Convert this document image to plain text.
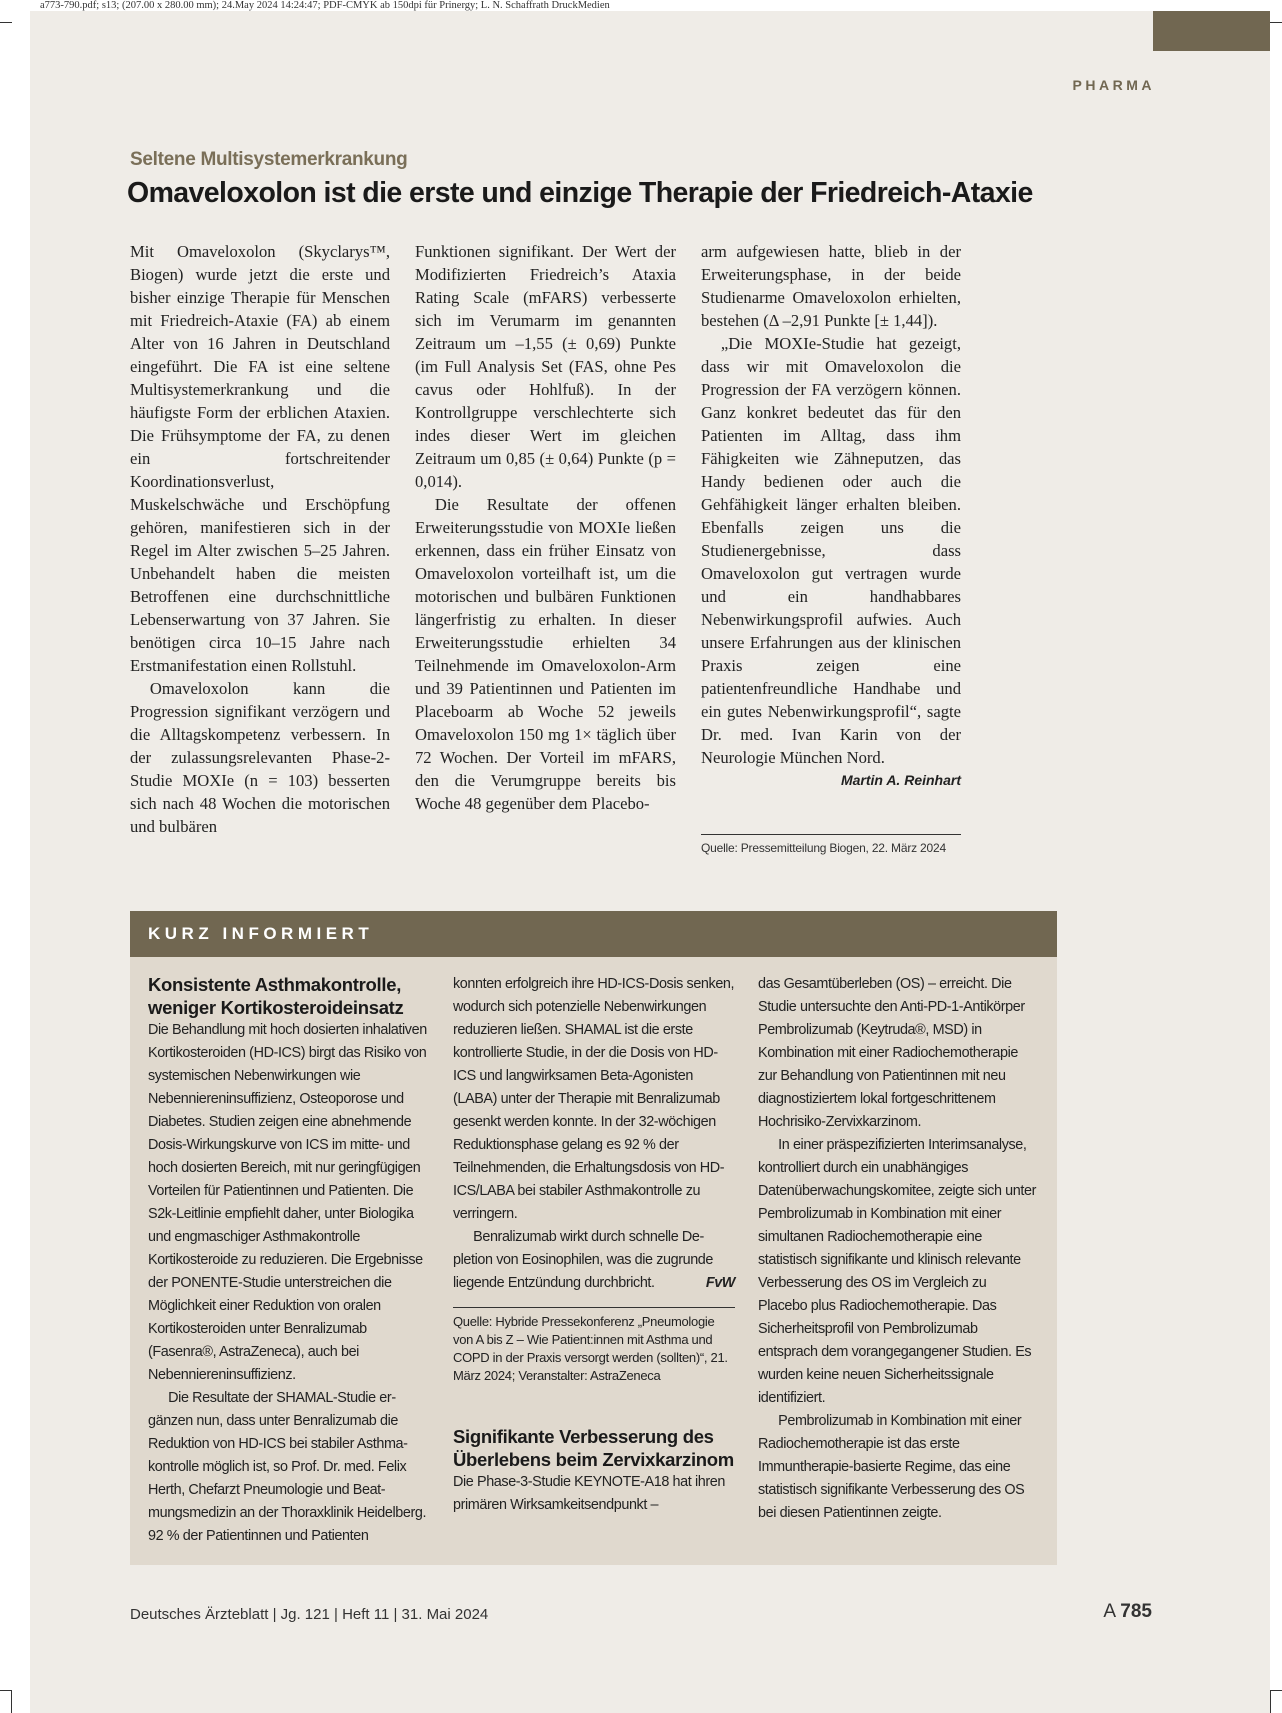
a773-790.pdf; s13; (207.00 x 280.00 mm); 24.May 2024 14:24:47; PDF-CMYK ab 150dpi für Prinergy; L. N. Schaffrath DruckMedien
PHARMA
Seltene Multisystemerkrankung
Omaveloxolon ist die erste und einzige Therapie der Friedreich-Ataxie

Mit Omaveloxolon (Skyclarys™, Biogen) wurde jetzt die erste und bisher einzige Therapie für Menschen mit Friedreich-Ataxie (FA) ab einem Alter von 16 Jahren in Deutschland eingeführt. Die FA ist eine seltene Multisystemerkrankung und die häufigste Form der erblichen Ataxien. Die Frühsymptome der FA, zu denen ein fortschreitender Koordinationsverlust, Muskelschwäche und Erschöpfung gehören, manifestieren sich in der Regel im Alter zwischen 5–25 Jahren. Unbehandelt haben die meisten Betroffenen eine durchschnittliche Lebenserwartung von 37 Jahren. Sie benötigen circa 10–15 Jahre nach Erstmanifestation einen Rollstuhl.

Omaveloxolon kann die Progression signifikant verzögern und die Alltagskompetenz verbessern. In der zulassungsrelevanten Phase-2-Studie MOXIe (n = 103) besserten sich nach 48 Wochen die motorischen und bulbären

Funktionen signifikant. Der Wert der Modifizierten Friedreich’s Ataxia Rating Scale (mFARS) verbesserte sich im Verumarm im genannten Zeitraum um –1,55 (± 0,69) Punkte (im Full Analysis Set (FAS, ohne Pes cavus oder Hohlfuß). In der Kontrollgruppe verschlechterte sich indes dieser Wert im gleichen Zeitraum um 0,85 (± 0,64) Punkte (p = 0,014).

Die Resultate der offenen Erweiterungsstudie von MOXIe ließen erkennen, dass ein früher Einsatz von Omaveloxolon vorteilhaft ist, um die motorischen und bulbären Funktionen längerfristig zu erhalten. In dieser Erweiterungsstudie erhielten 34 Teilnehmende im Omaveloxolon-Arm und 39 Patientinnen und Patienten im Placeboarm ab Woche 52 jeweils Omaveloxolon 150 mg 1× täglich über 72 Wochen. Der Vorteil im mFARS, den die Verumgruppe bereits bis Woche 48 gegenüber dem Placebo-

arm aufgewiesen hatte, blieb in der Erweiterungsphase, in der beide Studienarme Omaveloxolon erhielten, bestehen (Δ –2,91 Punkte [± 1,44]).

„Die MOXIe-Studie hat gezeigt, dass wir mit Omaveloxolon die Progression der FA verzögern können. Ganz konkret bedeutet das für den Patienten im Alltag, dass ihm Fähigkeiten wie Zähneputzen, das Handy bedienen oder auch die Gehfähigkeit länger erhalten bleiben. Ebenfalls zeigen uns die Studienergebnisse, dass Omaveloxolon gut vertragen wurde und ein handhabbares Nebenwirkungsprofil aufwies. Auch unsere Erfahrungen aus der klinischen Praxis zeigen eine patientenfreundliche Handhabe und ein gutes Nebenwirkungsprofil“, sagte Dr. med. Ivan Karin von der Neurologie München Nord.
Martin A. Reinhart

Quelle: Pressemitteilung Biogen, 22. März 2024
KURZ INFORMIERT
Konsistente Asthmakontrolle, weniger Kortikosteroideinsatz

Die Behandlung mit hoch dosierten inhalativen Kortikosteroiden (HD-ICS) birgt das Risiko von systemischen Nebenwirkungen wie Nebenniereninsuffizienz, Osteoporose und Diabetes. Studien zeigen eine abnehmende Dosis-Wirkungskurve von ICS im mitte- und hoch dosierten Bereich, mit nur geringfügigen Vorteilen für Patientinnen und Patienten. Die S2k-Leitlinie empfiehlt daher, unter Biologika und engmaschiger Asthmakontrolle Kortikosteroide zu reduzieren. Die Ergebnisse der PONENTE-Studie unterstreichen die Möglichkeit einer Reduktion von oralen Kortikosteroiden unter Benralizumab (Fasenra®, AstraZeneca), auch bei Nebenniereninsuffizienz.

Die Resultate der SHAMAL-Studie ergänzen nun, dass unter Benralizumab die Reduktion von HD-ICS bei stabiler Asthmakontrolle möglich ist, so Prof. Dr. med. Felix Herth, Chefarzt Pneumologie und Beatmungsmedizin an der Thoraxklinik Heidelberg. 92 % der Patientinnen und Patienten

konnten erfolgreich ihre HD-ICS-Dosis senken, wodurch sich potenzielle Nebenwirkungen reduzieren ließen. SHAMAL ist die erste kontrollierte Studie, in der die Dosis von HD-ICS und langwirksamen Beta-Agonisten (LABA) unter der Therapie mit Benralizumab gesenkt werden konnte. In der 32-wöchigen Reduktionsphase gelang es 92 % der Teilnehmenden, die Erhaltungsdosis von HD-ICS/LABA bei stabiler Asthmakontrolle zu verringern.

Benralizumab wirkt durch schnelle Depletion von Eosinophilen, was die zugrunde liegende Entzündung durchbricht.	FvW

Quelle: Hybride Pressekonferenz „Pneumologie von A bis Z – Wie Patient:innen mit Asthma und COPD in der Praxis versorgt werden (sollten)“, 21. März 2024; Veranstalter: AstraZeneca
Signifikante Verbesserung des Überlebens beim Zervixkarzinom

Die Phase-3-Studie KEYNOTE-A18 hat ihren primären Wirksamkeitsendpunkt –

das Gesamtüberleben (OS) – erreicht. Die Studie untersuchte den Anti-PD-1-Antikörper Pembrolizumab (Keytruda®, MSD) in Kombination mit einer Radiochemotherapie zur Behandlung von Patientinnen mit neu diagnostiziertem lokal fortgeschrittenem Hochrisiko-Zervixkarzinom.

In einer präspezifizierten Interimsanalyse, kontrolliert durch ein unabhängiges Datenüberwachungskomitee, zeigte sich unter Pembrolizumab in Kombination mit einer simultanen Radiochemotherapie eine statistisch signifikante und klinisch relevante Verbesserung des OS im Vergleich zu Placebo plus Radiochemotherapie. Das Sicherheitsprofil von Pembrolizumab entsprach dem vorangegangener Studien. Es wurden keine neuen Sicherheitssignale identifiziert.

Pembrolizumab in Kombination mit einer Radiochemotherapie ist das erste Immuntherapie-basierte Regime, das eine statistisch signifikante Verbesserung des OS bei diesen Patientinnen zeigte.

Deutsches Ärzteblatt | Jg. 121 | Heft 11 | 31. Mai 2024	A 785
